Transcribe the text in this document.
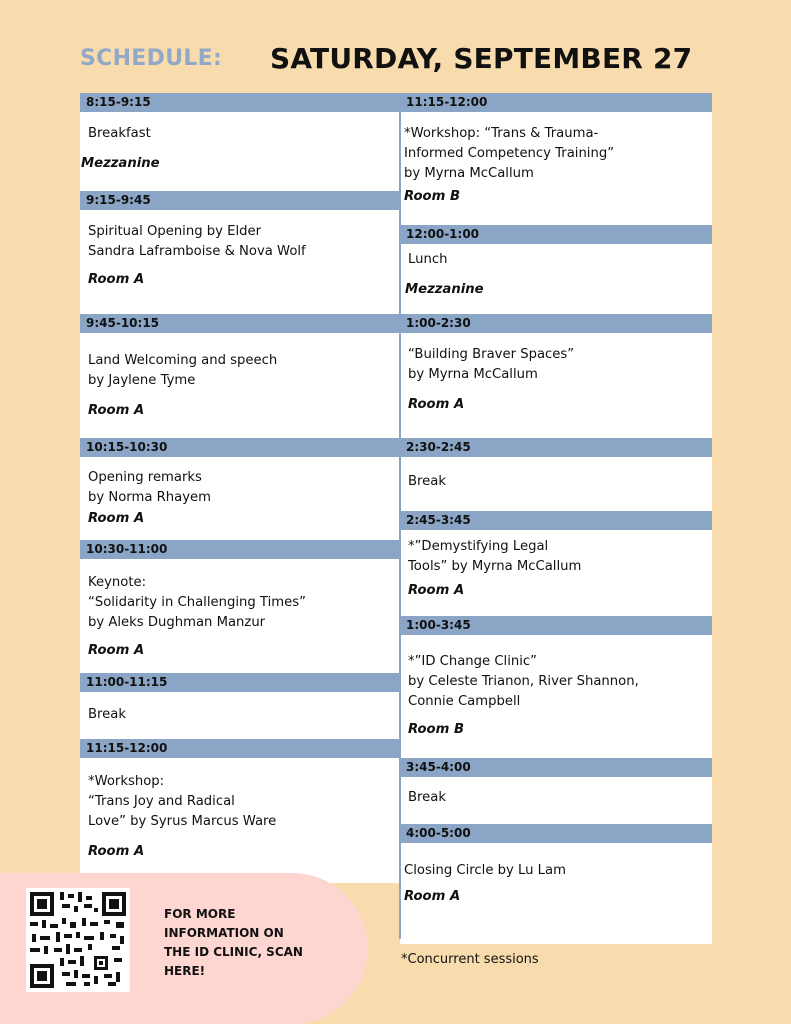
SCHEDULE: SATURDAY, SEPTEMBER 27
8:15-9:15
Breakfast
Mezzanine
9:15-9:45
Spiritual Opening by Elder
Sandra Laframboise & Nova Wolf
Room A
9:45-10:15
Land Welcoming and speech
by Jaylene Tyme
Room A
10:15-10:30
Opening remarks
by Norma Rhayem
Room A
10:30-11:00
Keynote:
“Solidarity in Challenging Times”
by Aleks Dughman Manzur
Room A
11:00-11:15
Break
11:15-12:00
*Workshop:
“Trans Joy and Radical
Love” by Syrus Marcus Ware
Room A
11:15-12:00
*Workshop: “Trans & Trauma-
Informed Competency Training”
by Myrna McCallum
Room B
12:00-1:00
Lunch
Mezzanine
1:00-2:30
“Building Braver Spaces”
by Myrna McCallum
Room A
2:30-2:45
Break
2:45-3:45
*”Demystifying Legal
Tools” by Myrna McCallum
Room A
1:00-3:45
*”ID Change Clinic”
by Celeste Trianon, River Shannon,
Connie Campbell
Room B
3:45-4:00
Break
4:00-5:00
Closing Circle by Lu Lam
Room A
FOR MORE INFORMATION ON THE ID CLINIC, SCAN HERE!
*Concurrent sessions
